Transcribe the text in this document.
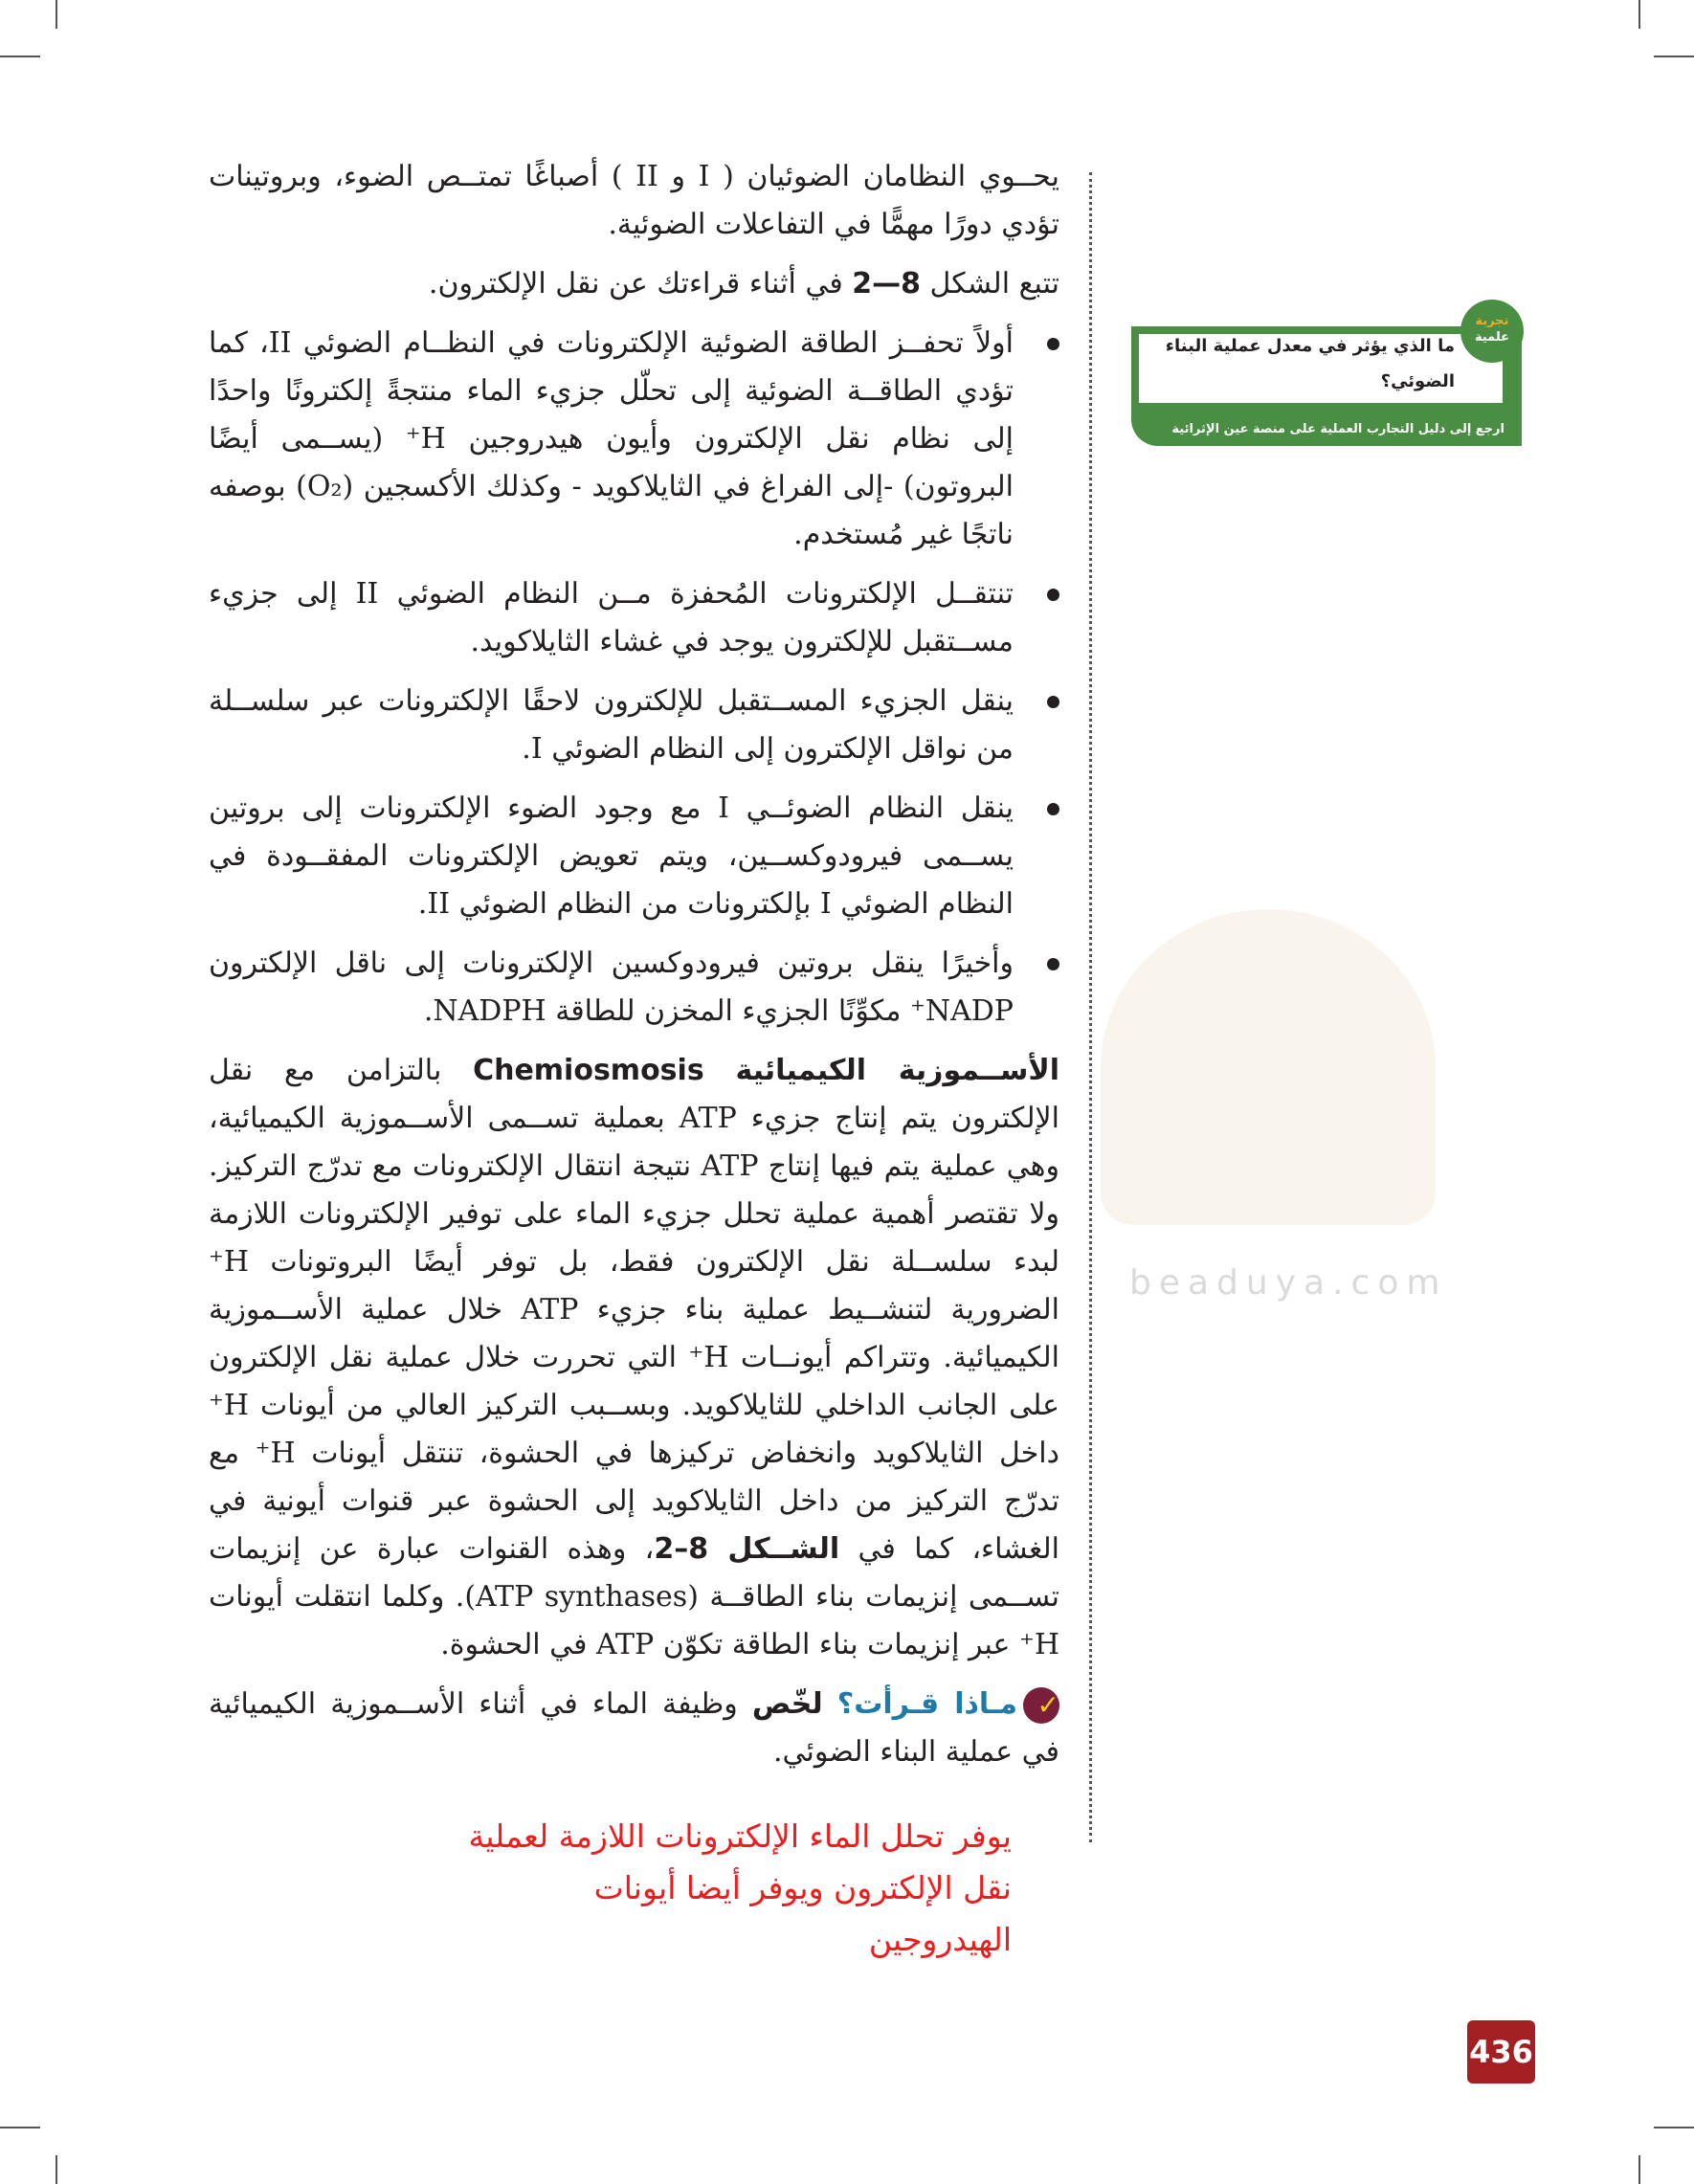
beaduya.com
يحــوي النظامان الضوئيان ( I و II ) أصباغًا تمتــص الضوء، وبروتينات تؤدي دورًا مهمًّا في التفاعلات الضوئية.
تتبع الشكل 8—2 في أثناء قراءتك عن نقل الإلكترون.
أولاً تحفــز الطاقة الضوئية الإلكترونات في النظــام الضوئي II، كما تؤدي الطاقــة الضوئية إلى تحلّل جزيء الماء منتجةً إلكترونًا واحدًا إلى نظام نقل الإلكترون وأيون هيدروجين H⁺ (يســمى أيضًا البروتون) -إلى الفراغ في الثايلاكويد - وكذلك الأكسجين (O₂) بوصفه ناتجًا غير مُستخدم.
تنتقــل الإلكترونات المُحفزة مــن النظام الضوئي II إلى جزيء مســتقبل للإلكترون يوجد في غشاء الثايلاكويد.
ينقل الجزيء المســتقبل للإلكترون لاحقًا الإلكترونات عبر سلســلة من نواقل الإلكترون إلى النظام الضوئي I.
ينقل النظام الضوئــي I مع وجود الضوء الإلكترونات إلى بروتين يســمى فيرودوكســين، ويتم تعويض الإلكترونات المفقــودة في النظام الضوئي I بإلكترونات من النظام الضوئي II.
وأخيرًا ينقل بروتين فيرودوكسين الإلكترونات إلى ناقل الإلكترون NADP⁺ مكوِّنًا الجزيء المخزن للطاقة NADPH.
الأســموزية الكيميائية Chemiosmosis بالتزامن مع نقل الإلكترون يتم إنتاج جزيء ATP بعملية تســمى الأســموزية الكيميائية، وهي عملية يتم فيها إنتاج ATP نتيجة انتقال الإلكترونات مع تدرّج التركيز. ولا تقتصر أهمية عملية تحلل جزيء الماء على توفير الإلكترونات اللازمة لبدء سلســلة نقل الإلكترون فقط، بل توفر أيضًا البروتونات H⁺ الضرورية لتنشــيط عملية بناء جزيء ATP خلال عملية الأســموزية الكيميائية. وتتراكم أيونــات H⁺ التي تحررت خلال عملية نقل الإلكترون على الجانب الداخلي للثايلاكويد. وبســبب التركيز العالي من أيونات H⁺ داخل الثايلاكويد وانخفاض تركيزها في الحشوة، تنتقل أيونات H⁺ مع تدرّج التركيز من داخل الثايلاكويد إلى الحشوة عبر قنوات أيونية في الغشاء، كما في الشــكل 8–2، وهذه القنوات عبارة عن إنزيمات تســمى إنزيمات بناء الطاقــة (ATP synthases). وكلما انتقلت أيونات H⁺ عبر إنزيمات بناء الطاقة تكوّن ATP في الحشوة.
✓مـاذا قـرأت؟ لخّص وظيفة الماء في أثناء الأســموزية الكيميائية في عملية البناء الضوئي.
يوفر تحلل الماء الإلكترونات اللازمة لعملية نقل الإلكترون ويوفر أيضا أيونات الهيدروجين
ما الذي يؤثر في معدل عملية البناء الضوئي؟
ارجع إلى دليل التجارب العملية على منصة عين الإثرائية
تجربة
علمية
436
